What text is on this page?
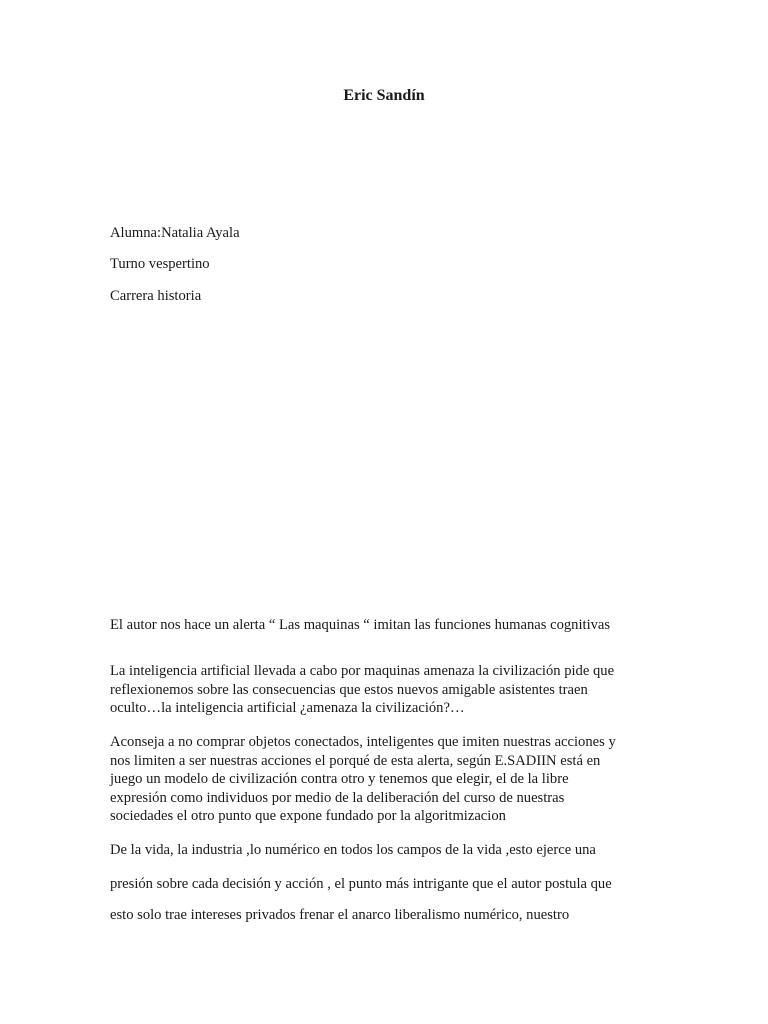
Eric Sandín
Alumna:Natalia Ayala
Turno vespertino
Carrera historia
El autor nos hace un alerta “ Las maquinas “ imitan las funciones humanas cognitivas
La inteligencia artificial llevada a cabo por maquinas amenaza la civilización pide que
reflexionemos sobre las consecuencias que estos nuevos amigable asistentes traen
oculto…la inteligencia artificial ¿amenaza la civilización?…
Aconseja a no comprar objetos conectados, inteligentes que imiten nuestras acciones y
nos limiten a ser nuestras acciones el porqué de esta alerta, según E.SADIIN está en
juego un modelo de civilización contra otro y tenemos que elegir, el de la libre
expresión como individuos por medio de la deliberación del curso de nuestras
sociedades el otro punto que expone fundado por la algoritmizacion
De la vida, la industria ,lo numérico en todos los campos de la vida ,esto ejerce una
presión sobre cada decisión y acción , el punto más intrigante que el autor postula que
esto solo trae intereses privados frenar el anarco liberalismo numérico, nuestro
